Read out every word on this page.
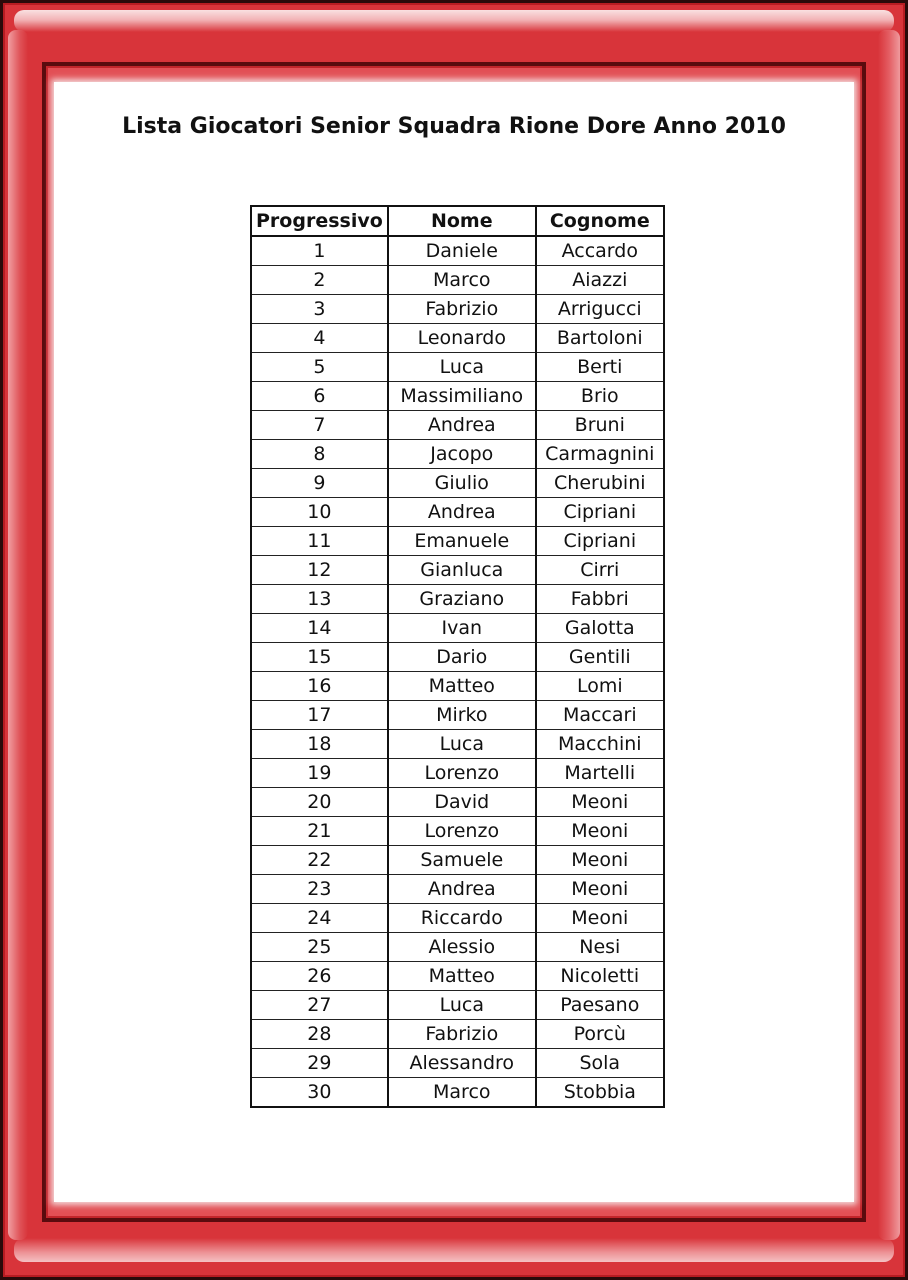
Lista Giocatori Senior Squadra Rione Dore Anno 2010
Progressivo	Nome	Cognome
1	Daniele	Accardo
2	Marco	Aiazzi
3	Fabrizio	Arrigucci
4	Leonardo	Bartoloni
5	Luca	Berti
6	Massimiliano	Brio
7	Andrea	Bruni
8	Jacopo	Carmagnini
9	Giulio	Cherubini
10	Andrea	Cipriani
11	Emanuele	Cipriani
12	Gianluca	Cirri
13	Graziano	Fabbri
14	Ivan	Galotta
15	Dario	Gentili
16	Matteo	Lomi
17	Mirko	Maccari
18	Luca	Macchini
19	Lorenzo	Martelli
20	David	Meoni
21	Lorenzo	Meoni
22	Samuele	Meoni
23	Andrea	Meoni
24	Riccardo	Meoni
25	Alessio	Nesi
26	Matteo	Nicoletti
27	Luca	Paesano
28	Fabrizio	Porcù
29	Alessandro	Sola
30	Marco	Stobbia
